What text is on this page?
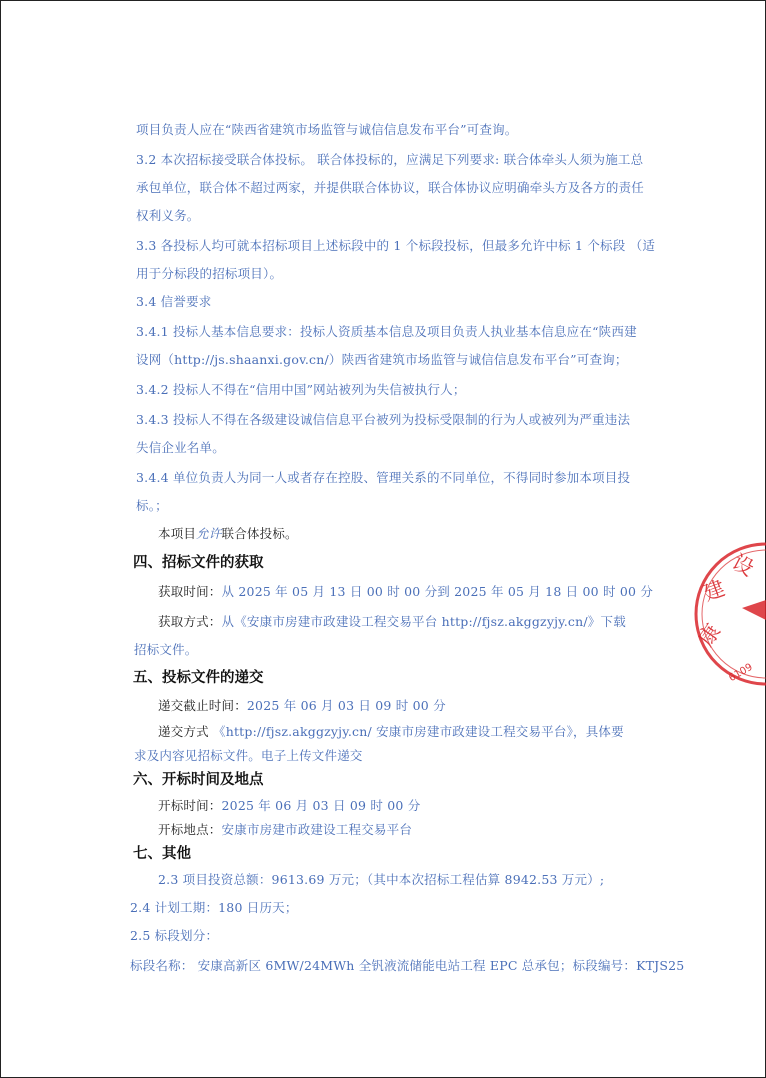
项目负责人应在“陕西省建筑市场监管与诚信信息发布平台”可查询。
3.2 本次招标接受联合体投标。 联合体投标的，应满足下列要求: 联合体牵头人须为施工总
承包单位，联合体不超过两家，并提供联合体协议，联合体协议应明确牵头方及各方的责任
权利义务。
3.3 各投标人均可就本招标项目上述标段中的 1 个标段投标，但最多允许中标 1 个标段 （适
用于分标段的招标项目）。
3.4 信誉要求
3.4.1 投标人基本信息要求：投标人资质基本信息及项目负责人执业基本信息应在“陕西建
设网（http://js.shaanxi.gov.cn/）陕西省建筑市场监管与诚信信息发布平台”可查询；
3.4.2 投标人不得在“信用中国”网站被列为失信被执行人；
3.4.3 投标人不得在各级建设诚信信息平台被列为投标受限制的行为人或被列为严重违法
失信企业名单。
3.4.4 单位负责人为同一人或者存在控股、管理关系的不同单位，不得同时参加本项目投
标。；
本项目允许联合体投标。
四、招标文件的获取
获取时间：从 2025 年 05 月 13 日 00 时 00 分到 2025 年 05 月 18 日 00 时 00 分
获取方式：从《安康市房建市政建设工程交易平台 http://fjsz.akggzyjy.cn/》下载
招标文件。
五、投标文件的递交
递交截止时间：2025 年 06 月 03 日 09 时 00 分
递交方式 《http://fjsz.akggzyjy.cn/ 安康市房建市政建设工程交易平台》，具体要
求及内容见招标文件。电子上传文件递交
六、开标时间及地点
开标时间：2025 年 06 月 03 日 09 时 00 分
开标地点：安康市房建市政建设工程交易平台
七、其他
2.3 项目投资总额：9613.69 万元；（其中本次招标工程估算 8942.53 万元）;
2.4 计划工期：180 日历天；
2.5 标段划分：
标段名称： 安康高新区 6MW/24MWh 全钒液流储能电站工程 EPC 总承包；标段编号：KTJS25
设
建
康
6109
